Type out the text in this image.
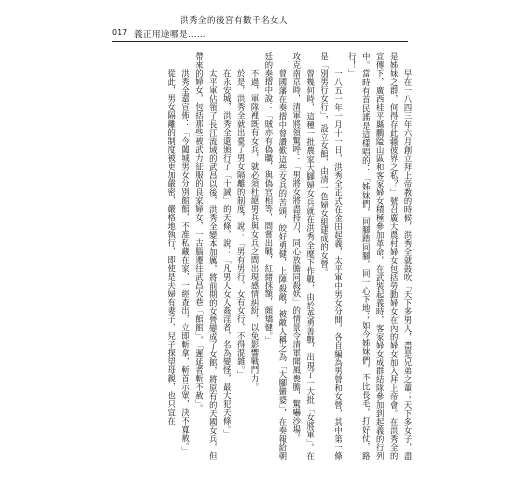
洪秀全的後宮有數千名女人
017 義正用途哪是……

早在一八四三年六月創立拜上帝教的時候，洪秀全就鼓吹「天下多男人，盡是兄弟之輩；天下多女子，盡是姊妹之群，何得存此疆彼界之私？」號召廣大農村婦女包括勞動婦女在內的婦女加入拜上帝會。在洪秀全的宣傳下，廣西桂平縣鵬隘山區和客家婦女積極參加革命，在武裝起義時，客家婦女成群結隊參加到起義的行列中。當時有首民謠是這樣唱的：「姊妹們，同腳踏同腳，同一心下地；如今姊妹們，不比長毛，打好仗，路行！」

一八五一年一月十一日，洪秀全正式在金田起義，太平軍中男女分開，各自編為男營和女營，其中第一條是「別男行女行」，設立女館，由清一色婦女組建成的女營。

曾幾何時，這種一批農家大腳婦女兵就在洪秀全麾下作戰，由於英勇善戰，出現了一大批「女將軍」。在攻克南京時，清軍將領驚呼：「男將女將盡持刀，同心放膽同殺妖」的情景令清軍聞風喪膽，驚嚇沙場。

曾國藩在奏摺中曾讚歎這些女兵的苦頭，皎好勇健，上陣殺敵，被敵人稱之為「大腳蠻婆」，在奏報給朝廷的奏摺中說：「賊亦有偽職，與偽官相等，間嘗出戰，紅緒抹額，頗矯健。」

不過，軍隊裡既有女兵，就必須杜絕男兵與女兵之間出現感情糾紛，以免影響戰鬥力。

於是，洪秀全就出臺了男女隔離的制度，說：「男有男行，女有女行，不得混雜。」

在永安城，洪秀全還頒行了「十誡」的天條，說：「凡男人女人姦淫者，名為變怪，最大犯天條。」

太平軍佔領了長江流域的武昌以後，洪秀全變本加厲，將前期的女營變成了女館，將原有的天國女兵，但帶來的婦女，包括那些被武力征服的良家婦女，一古腦遷往武昌火巷「館館」，「遲延者斬不赦」。

洪秀全還宣佈：「今闔城男女分別館館，不准私藏在家，一經查出，立即斬拿，斬首示眾，決不寬赦。」

從此，男女隔離的制度被更加嚴密，嚴格地執行，即使是夫婦有妻子、兒子探望母親，也只宜在
